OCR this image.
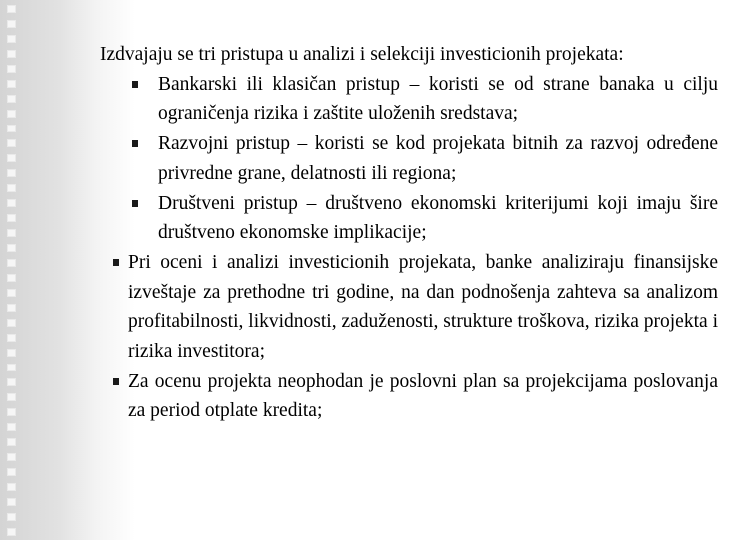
Izdvajaju se tri pristupa u analizi i selekciji investicionih projekata:

Bankarski ili klasičan pristup – koristi se od strane banaka u cilju ograničenja rizika i zaštite uloženih sredstava;
Razvojni pristup – koristi se kod projekata bitnih za razvoj određene privredne grane, delatnosti ili regiona;
Društveni pristup – društveno ekonomski kriterijumi koji imaju šire društveno ekonomske implikacije;
Pri oceni i analizi investicionih projekata, banke analiziraju finansijske izveštaje za prethodne tri godine, na dan podnošenja zahteva sa analizom profitabilnosti, likvidnosti, zaduženosti, strukture troškova, rizika projekta i rizika investitora;
Za ocenu projekta neophodan je poslovni plan sa projekcijama poslovanja za period otplate kredita;
